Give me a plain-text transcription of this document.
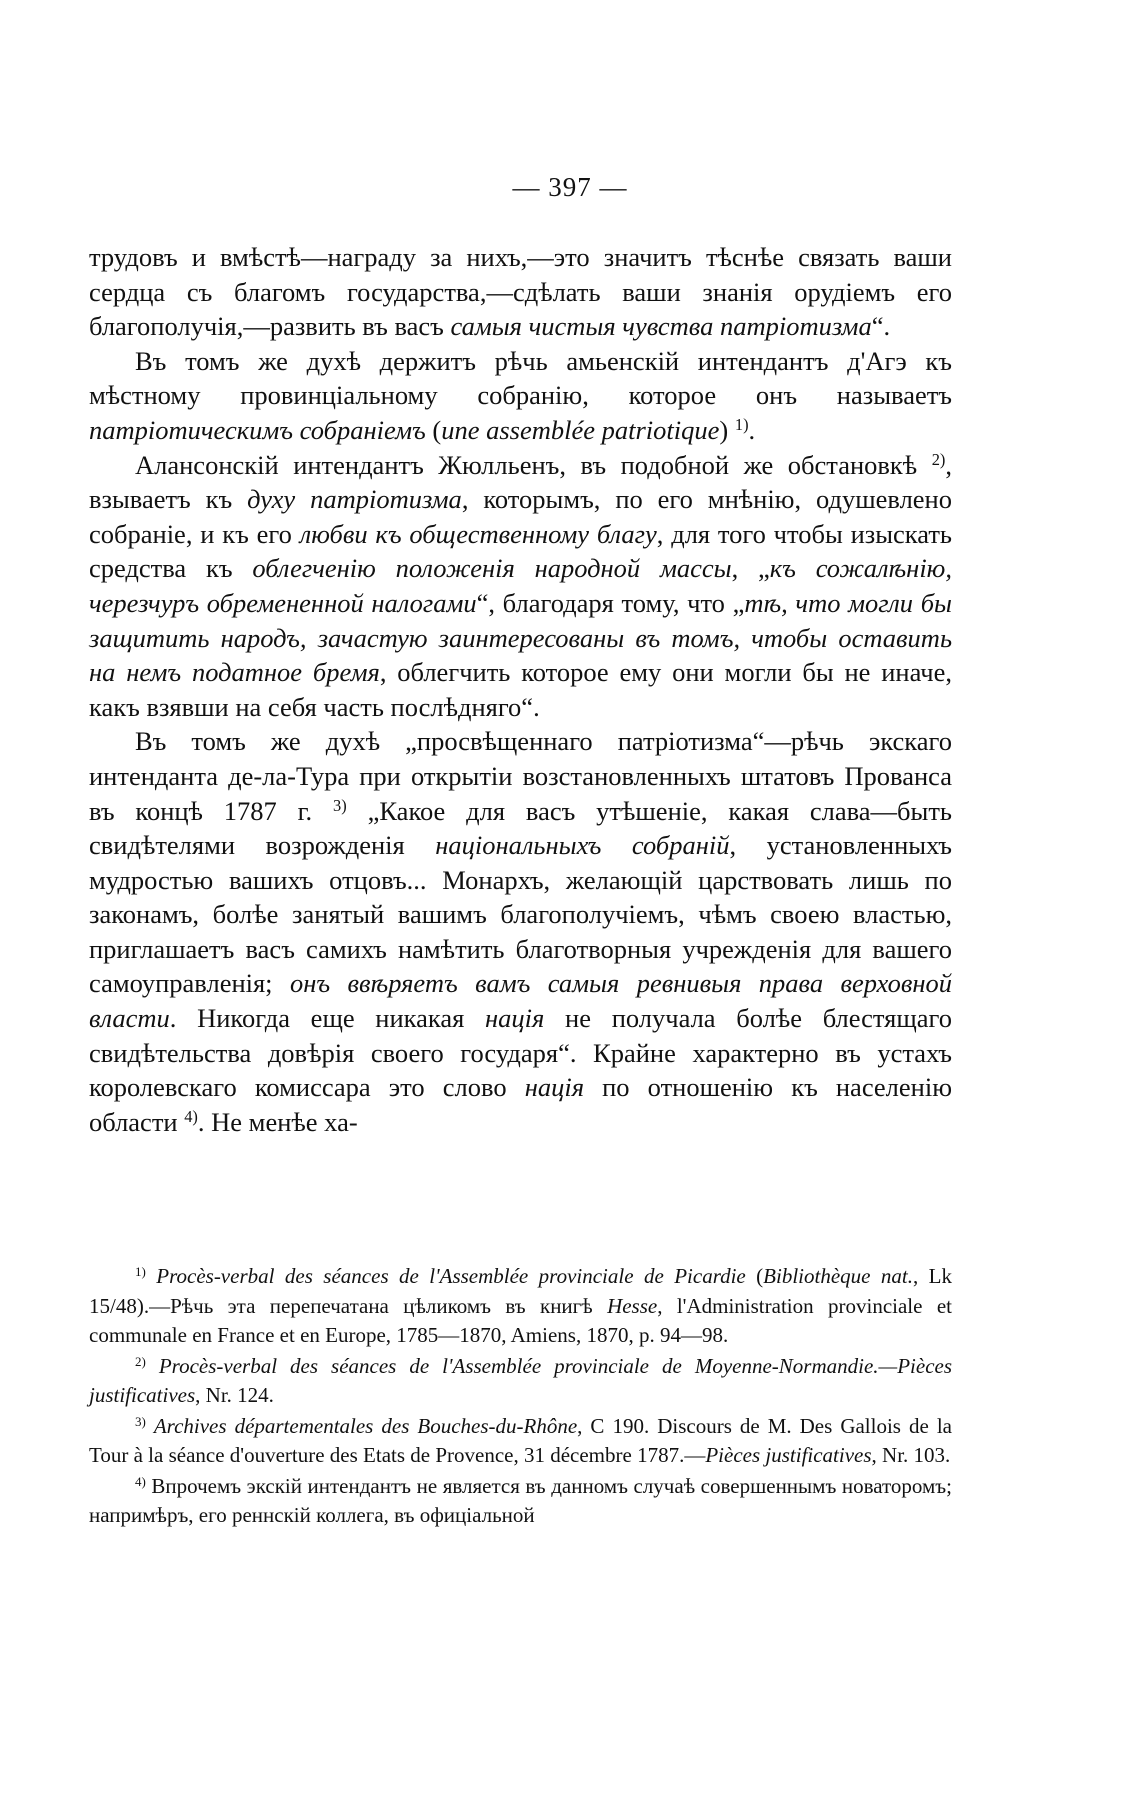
— 397 —

трудовъ и вмѣстѣ—награду за нихъ,—это значитъ тѣснѣе связать ваши сердца съ благомъ государства,—сдѣлать ваши знанія орудіемъ его благополучія,—развить въ васъ самыя чистыя чувства патріотизма“.

Въ томъ же духѣ держитъ рѣчь амьенскій интендантъ д'Агэ къ мѣстному провинціальному собранію, которое онъ называетъ патріотическимъ собраніемъ (une assemblée patriotique) $^{1)}$.

Алансонскій интендантъ Жюлльенъ, въ подобной же обстановкѣ $^{2)}$, взываетъ къ духу патріотизма, которымъ, по его мнѣнію, одушевлено собраніе, и къ его любви къ общественному благу, для того чтобы изыскать средства къ облегченію положенія народной массы, „къ сожалѣнію, черезчуръ обремененной налогами“, благодаря тому, что „тѣ, что могли бы защитить народъ, зачастую заинтересованы въ томъ, чтобы оставить на немъ податное бремя, облегчить которое ему они могли бы не иначе, какъ взявши на себя часть послѣдняго“.

Въ томъ же духѣ „просвѣщеннаго патріотизма“—рѣчь экскаго интенданта де-ла-Тура при открытіи возстановленныхъ штатовъ Прованса въ концѣ 1787 г. $^{3)}$ „Какое для васъ утѣшеніе, какая слава—быть свидѣтелями возрожденія національныхъ собраній, установленныхъ мудростью вашихъ отцовъ... Монархъ, желающій царствовать лишь по законамъ, болѣе занятый вашимъ благополучіемъ, чѣмъ своею властью, приглашаетъ васъ самихъ намѣтить благотворныя учрежденія для вашего самоуправленія; онъ ввѣряетъ вамъ самыя ревнивыя права верховной власти. Никогда еще никакая нація не получала болѣе блестящаго свидѣтельства довѣрія своего государя“. Крайне характерно въ устахъ королевскаго комиссара это слово нація по отношенію къ населенію области $^{4)}$. Не менѣе ха-

$^{1)}$ Procès-verbal des séances de l'Assemblée provinciale de Picardie (Bibliothèque nat., Lk 15/48).—Рѣчь эта перепечатана цѣликомъ въ книгѣ Hesse, l'Administration provinciale et communale en France et en Europe, 1785—1870, Amiens, 1870, p. 94—98.

$^{2)}$ Procès-verbal des séances de l'Assemblée provinciale de Moyenne-Normandie.—Pièces justificatives, Nr. 124.

$^{3)}$ Archives départementales des Bouches-du-Rhône, C 190. Discours de M. Des Gallois de la Tour à la séance d'ouverture des Etats de Provence, 31 décembre 1787.—Pièces justificatives, Nr. 103.

$^{4)}$ Впрочемъ экскій интендантъ не является въ данномъ случаѣ совершеннымъ новаторомъ; напримѣръ, его реннскій коллега, въ офиціальной
